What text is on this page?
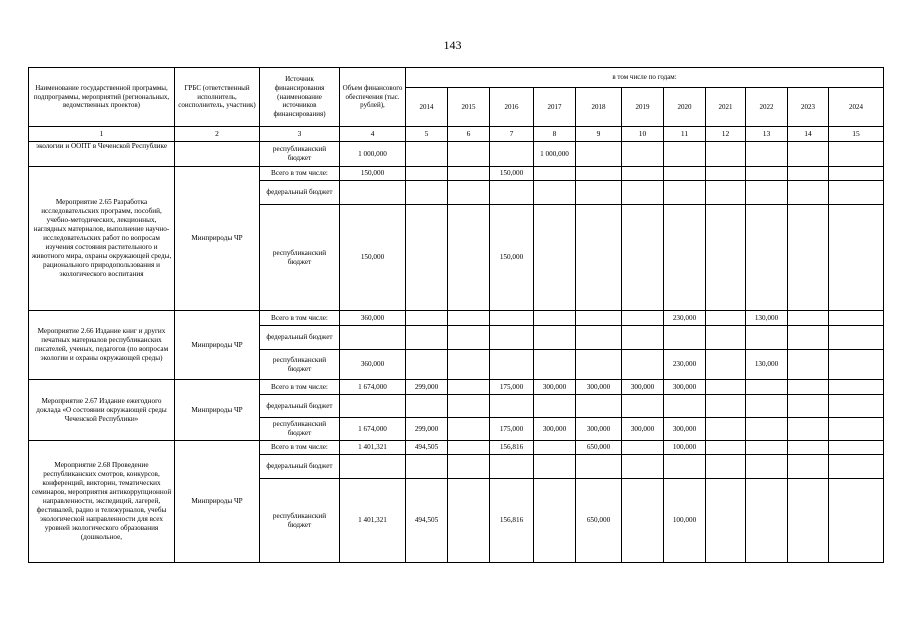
143
Наименование государственной программы, подпрограммы, мероприятий (региональных, ведомственных проектов)	ГРБС (ответственный исполнитель, соисполнитель, участник)	Источник финансирования (наименование источников финансирования)	Объем финансового обеспечения (тыс. рублей),	в том числе по годам:										
				2014	2015	2016	2017	2018	2019	2020	2021	2022	2023	2024
1	2	3	4	5	6	7	8	9	10	11	12	13	14	15
экологии и ООПТ в Чеченской Республике		республиканский бюджет	1 000,000				1 000,000							
Мероприятие 2.65 Разработка исследовательских программ, пособий, учебно-методических, лекционных, наглядных материалов, выполнение научно-исследовательских работ по вопросам изучения состояния растительного и животного мира, охраны окружающей среды, рационального природопользования и экологического воспитания	Минприроды ЧР	Всего в том числе:	150,000			150,000								
		федеральный бюджет												
		республиканский бюджет	150,000			150,000								
Мероприятие 2.66 Издание книг и других печатных материалов республиканских писателей, ученых, педагогов (по вопросам экологии и охраны окружающей среды)	Минприроды ЧР	Всего в том числе:	360,000							230,000		130,000		
		федеральный бюджет												
		республиканский бюджет	360,000							230,000		130,000		
Мероприятие 2.67 Издание ежегодного доклада «О состоянии окружающей среды Чеченской Республики»	Минприроды ЧР	Всего в том числе:	1 674,000	299,000		175,000	300,000	300,000	300,000	300,000				
		федеральный бюджет												
		республиканский бюджет	1 674,000	299,000		175,000	300,000	300,000	300,000	300,000				
Мероприятие 2.68 Проведение республиканских смотров, конкурсов, конференций, викторин, тематических семинаров, мероприятия антикоррупционной направленности, экспедиций, лагерей, фестивалей, радио и тележурналов, учебы экологической направленности для всех уровней экологического образования (дошкольное,	Минприроды ЧР	Всего в том числе:	1 401,321	494,505		156,816		650,000		100,000				
		федеральный бюджет												
		республиканский бюджет	1 401,321	494,505		156,816		650,000		100,000				
